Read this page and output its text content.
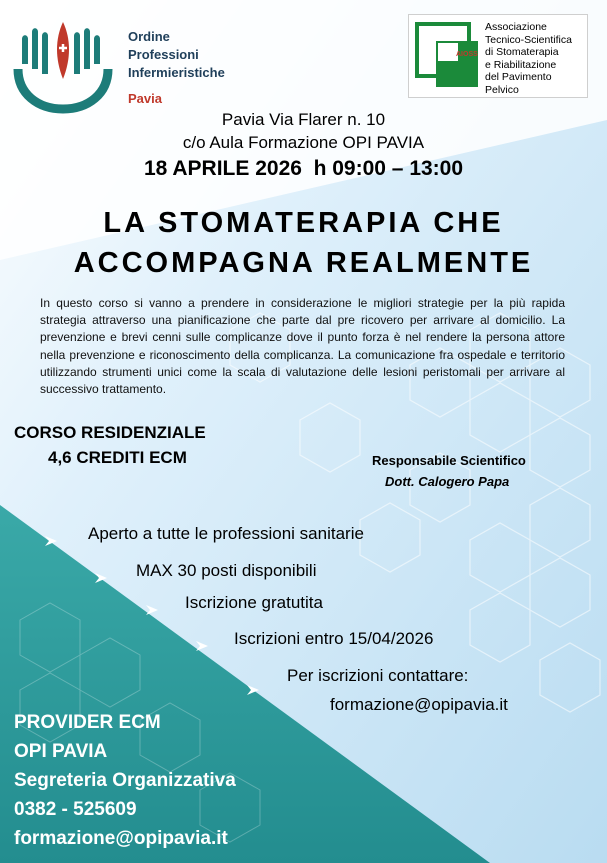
Ordine
Professioni
Infermieristiche
Pavia
AIOSS
Associazione
Tecnico-Scientifica
di Stomaterapia
e Riabilitazione
del Pavimento Pelvico
Pavia Via Flarer n. 10
c/o Aula Formazione OPI PAVIA
18 APRILE 2026  h 09:00 – 13:00
LA STOMATERAPIA CHE
ACCOMPAGNA REALMENTE
In questo corso si vanno a prendere in considerazione le migliori strategie per la più rapida strategia attraverso una pianificazione che parte dal pre ricovero per arrivare al domicilio. La prevenzione e brevi cenni sulle complicanze dove il punto forza è nel rendere la persona attore nella prevenzione e riconoscimento della complicanza. La comunicazione fra ospedale e territorio utilizzando strumenti unici come la scala di valutazione delle lesioni peristomali per arrivare al successivo trattamento.
CORSO RESIDENZIALE
4,6 CREDITI ECM	Responsabile Scientifico
Dott. Calogero Papa
Aperto a tutte le professioni sanitarie
MAX 30 posti disponibili
Iscrizione gratutita
Iscrizioni entro 15/04/2026
Per iscrizioni contattare:
formazione@opipavia.it
PROVIDER ECM
OPI PAVIA
Segreteria Organizzativa
0382 - 525609
formazione@opipavia.it
